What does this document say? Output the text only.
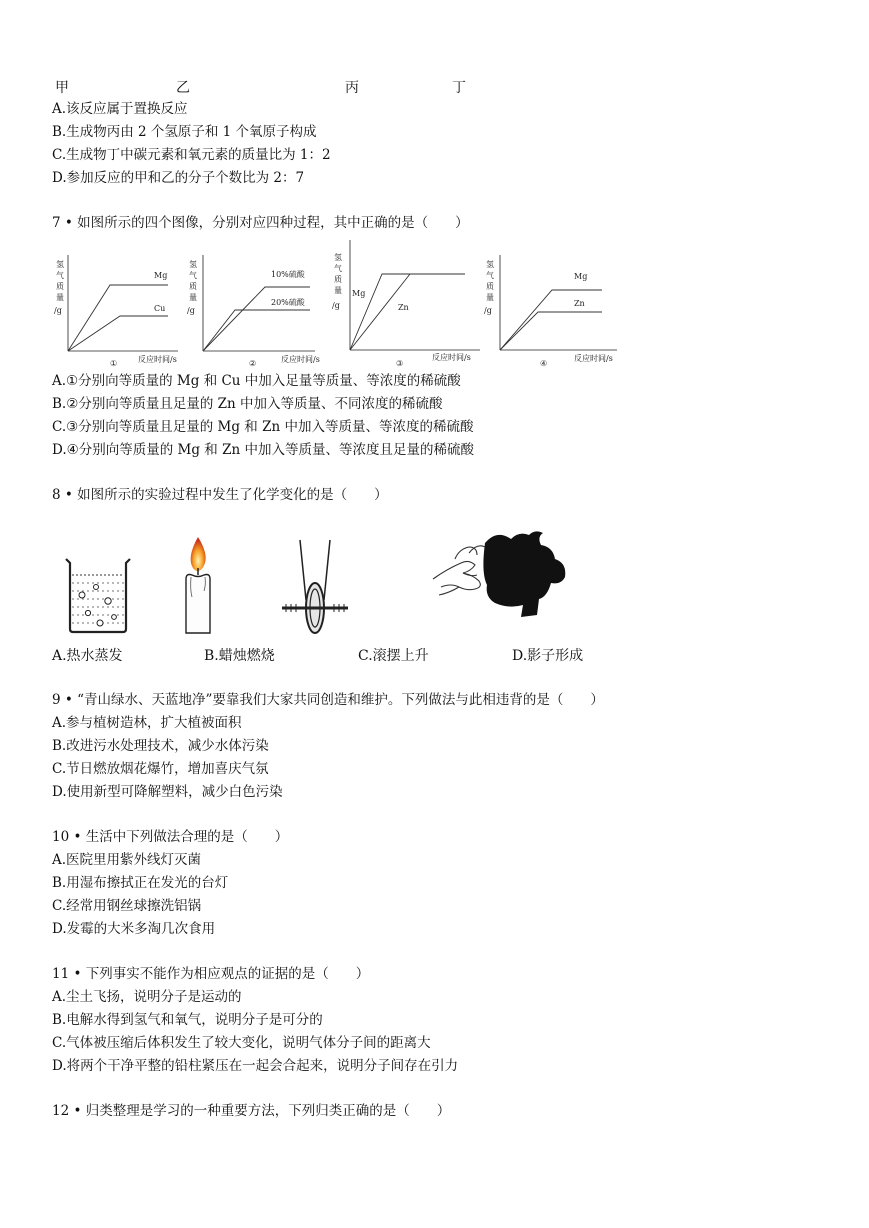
甲	乙	丙	丁
A.该反应属于置换反应
B.生成物丙由 2 个氢原子和 1 个氧原子构成
C.生成物丁中碳元素和氧元素的质量比为 1：2
D.参加反应的甲和乙的分子个数比为 2：7
7 • 如图所示的四个图像，分别对应四种过程，其中正确的是（　　）
氢
气
质
量
/g
Mg
Cu
①	反应时间/s
氢
气
质
量
/g
10%硫酸
20%硫酸
②	反应时间/s
氢
气
质
量
/g
Mg
Zn
③
反应时间/s
氢
气
质
量
/g
Mg
Zn
④
反应时间/s
A.①分别向等质量的 Mg 和 Cu 中加入足量等质量、等浓度的稀硫酸
B.②分别向等质量且足量的 Zn 中加入等质量、不同浓度的稀硫酸
C.③分别向等质量且足量的 Mg 和 Zn 中加入等质量、等浓度的稀硫酸
D.④分别向等质量的 Mg 和 Zn 中加入等质量、等浓度且足量的稀硫酸
8 • 如图所示的实验过程中发生了化学变化的是（　　）
A.热水蒸发	B.蜡烛燃烧	C.滚摆上升	D.影子形成
9 • “青山绿水、天蓝地净”要靠我们大家共同创造和维护。下列做法与此相违背的是（　　）
A.参与植树造林，扩大植被面积
B.改进污水处理技术，减少水体污染
C.节日燃放烟花爆竹，增加喜庆气氛
D.使用新型可降解塑料，减少白色污染
10 • 生活中下列做法合理的是（　　）
A.医院里用紫外线灯灭菌
B.用湿布擦拭正在发光的台灯
C.经常用钢丝球擦洗铝锅
D.发霉的大米多淘几次食用
11 • 下列事实不能作为相应观点的证据的是（　　）
A.尘土飞扬，说明分子是运动的
B.电解水得到氢气和氧气，说明分子是可分的
C.气体被压缩后体积发生了较大变化，说明气体分子间的距离大
D.将两个干净平整的铅柱紧压在一起会合起来，说明分子间存在引力
12 • 归类整理是学习的一种重要方法，下列归类正确的是（　　）
